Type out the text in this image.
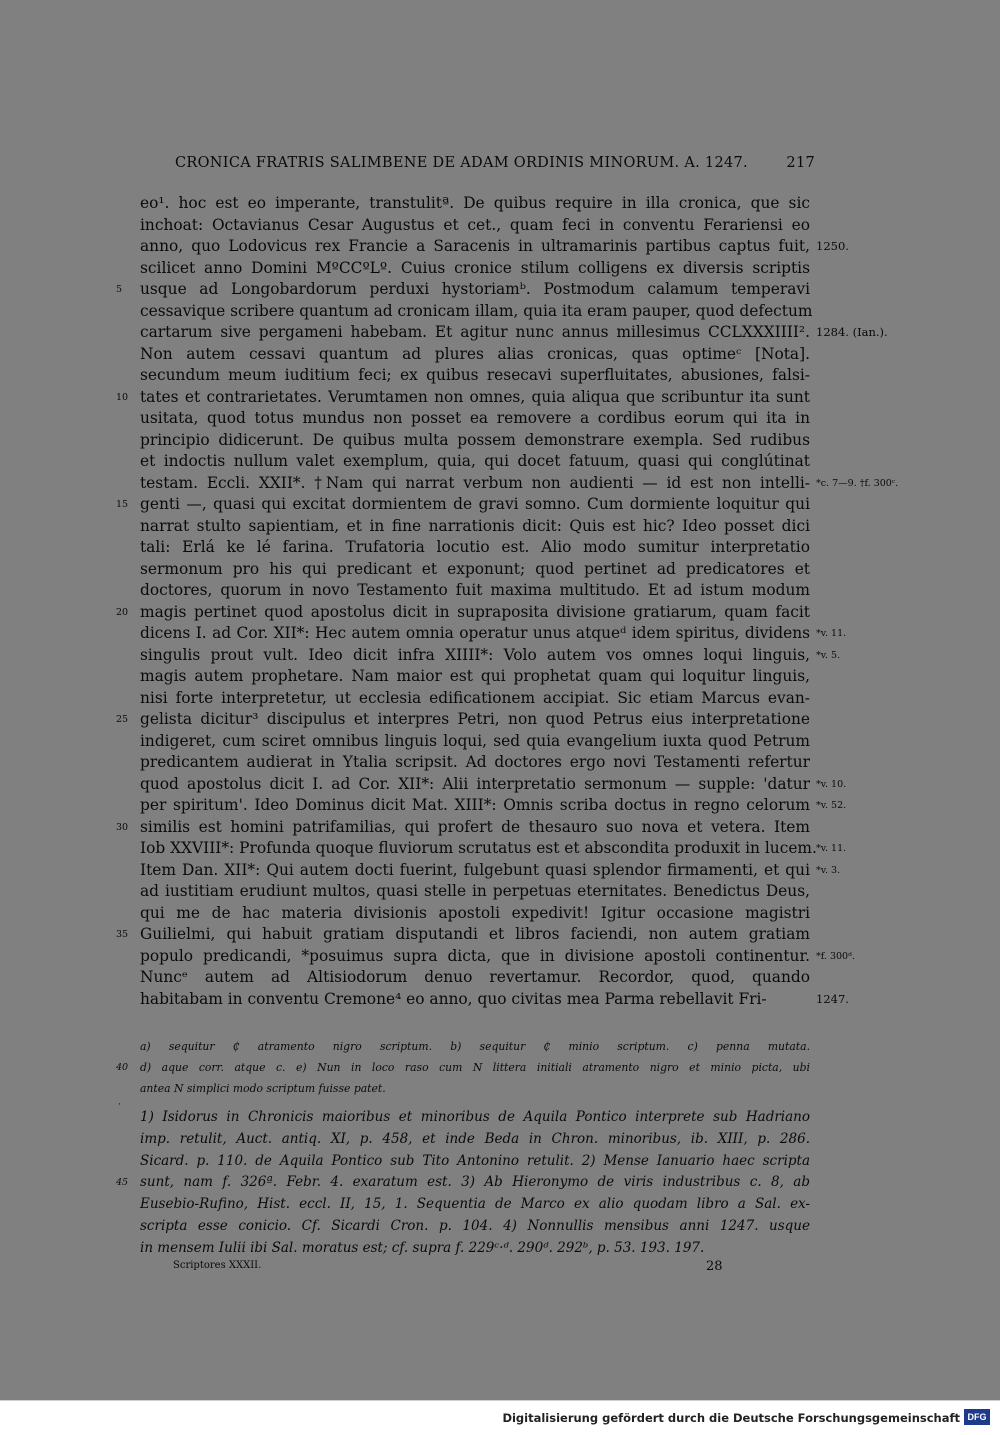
CRONICA FRATRIS SALIMBENE DE ADAM ORDINIS MINORUM. A. 1247.	217
eo¹. hoc est eo imperante, transtulitª. De quibus require in illa cronica, que sic
inchoat: Octavianus Cesar Augustus et cet., quam feci in conventu Ferariensi eo
anno, quo Lodovicus rex Francie a Saracenis in ultramarinis partibus captus fuit, 1250.
scilicet anno Domini MºCCºLº. Cuius cronice stilum colligens ex diversis scriptis
usque ad Longobardorum perduxi hystoriamᵇ. Postmodum calamum temperavi
5
cessavique scribere quantum ad cronicam illam, quia ita eram pauper, quod defectum
cartarum sive pergameni habebam. Et agitur nunc annus millesimus CCLXXXIIII². 1284. (Ian.).
Non autem cessavi quantum ad plures alias cronicas, quas optimeᶜ [Nota].
secundum meum iuditium feci; ex quibus resecavi superfluitates, abusiones, falsi-
tates et contrarietates. Verumtamen non omnes, quia aliqua que scribuntur ita sunt
10
usitata, quod totus mundus non posset ea removere a cordibus eorum qui ita in
principio didicerunt. De quibus multa possem demonstrare exempla. Sed rudibus
et indoctis nullum valet exemplum, quia, qui docet fatuum, quasi qui conglútinat
testam. Eccli. XXII*. †Nam qui narrat verbum non audienti — id est non intelli- *c. 7—9. †f. 300ᶜ.
genti —, quasi qui excitat dormientem de gravi somno. Cum dormiente loquitur qui
15
narrat stulto sapientiam, et in fine narrationis dicit: Quis est hic? Ideo posset dici
tali: Erlá ke lé farina. Trufatoria locutio est. Alio modo sumitur interpretatio
sermonum pro his qui predicant et exponunt; quod pertinet ad predicatores et
doctores, quorum in novo Testamento fuit maxima multitudo. Et ad istum modum
magis pertinet quod apostolus dicit in supraposita divisione gratiarum, quam facit
20
dicens I. ad Cor. XII*: Hec autem omnia operatur unus atqueᵈ idem spiritus, dividens *v. 11.
singulis prout vult. Ideo dicit infra XIIII*: Volo autem vos omnes loqui linguis, *v. 5.
magis autem prophetare. Nam maior est qui prophetat quam qui loquitur linguis,
nisi forte interpretetur, ut ecclesia edificationem accipiat. Sic etiam Marcus evan-
gelista dicitur³ discipulus et interpres Petri, non quod Petrus eius interpretatione
25
indigeret, cum sciret omnibus linguis loqui, sed quia evangelium iuxta quod Petrum
predicantem audierat in Ytalia scripsit. Ad doctores ergo novi Testamenti refertur
quod apostolus dicit I. ad Cor. XII*: Alii interpretatio sermonum — supple: 'datur *v. 10.
per spiritum'. Ideo Dominus dicit Mat. XIII*: Omnis scriba doctus in regno celorum *v. 52.
similis est homini patrifamilias, qui profert de thesauro suo nova et vetera. Item
30
Iob XXVIII*: Profunda quoque fluviorum scrutatus est et abscondita produxit in lucem. *v. 11.
Item Dan. XII*: Qui autem docti fuerint, fulgebunt quasi splendor firmamenti, et qui *v. 3.
ad iustitiam erudiunt multos, quasi stelle in perpetuas eternitates. Benedictus Deus,
qui me de hac materia divisionis apostoli expedivit! Igitur occasione magistri
Guilielmi, qui habuit gratiam disputandi et libros faciendi, non autem gratiam
35
populo predicandi, *posuimus supra dicta, que in divisione apostoli continentur. *f. 300ᵈ.
Nuncᵉ autem ad Altisiodorum denuo revertamur. Recordor, quod, quando
habitabam in conventu Cremone⁴ eo anno, quo civitas mea Parma rebellavit Fri-	1247.
a) sequitur ₵ atramento nigro scriptum. b) sequitur ₵ minio scriptum. c) penna mutata.
d) aque corr. atque c. e) Nun in loco raso cum N littera initiali atramento nigro et minio picta, ubi
40
antea N simplici modo scriptum fuisse patet.
·
1) Isidorus in Chronicis maioribus et minoribus de Aquila Pontico interprete sub Hadriano
imp. retulit, Auct. antiq. XI, p. 458, et inde Beda in Chron. minoribus, ib. XIII, p. 286.
Sicard. p. 110. de Aquila Pontico sub Tito Antonino retulit. 2) Mense Ianuario haec scripta
sunt, nam f. 326ª. Febr. 4. exaratum est. 3) Ab Hieronymo de viris industribus c. 8, ab
45
Eusebio-Rufino, Hist. eccl. II, 15, 1. Sequentia de Marco ex alio quodam libro a Sal. ex-
scripta esse conicio. Cf. Sicardi Cron. p. 104. 4) Nonnullis mensibus anni 1247. usque
in mensem Iulii ibi Sal. moratus est; cf. supra f. 229ᶜ·ᵈ. 290ᵈ. 292ᵇ, p. 53. 193. 197.
Scriptores XXXII.	28
Digitalisierung gefördert durch die Deutsche Forschungsgemeinschaft DFG
